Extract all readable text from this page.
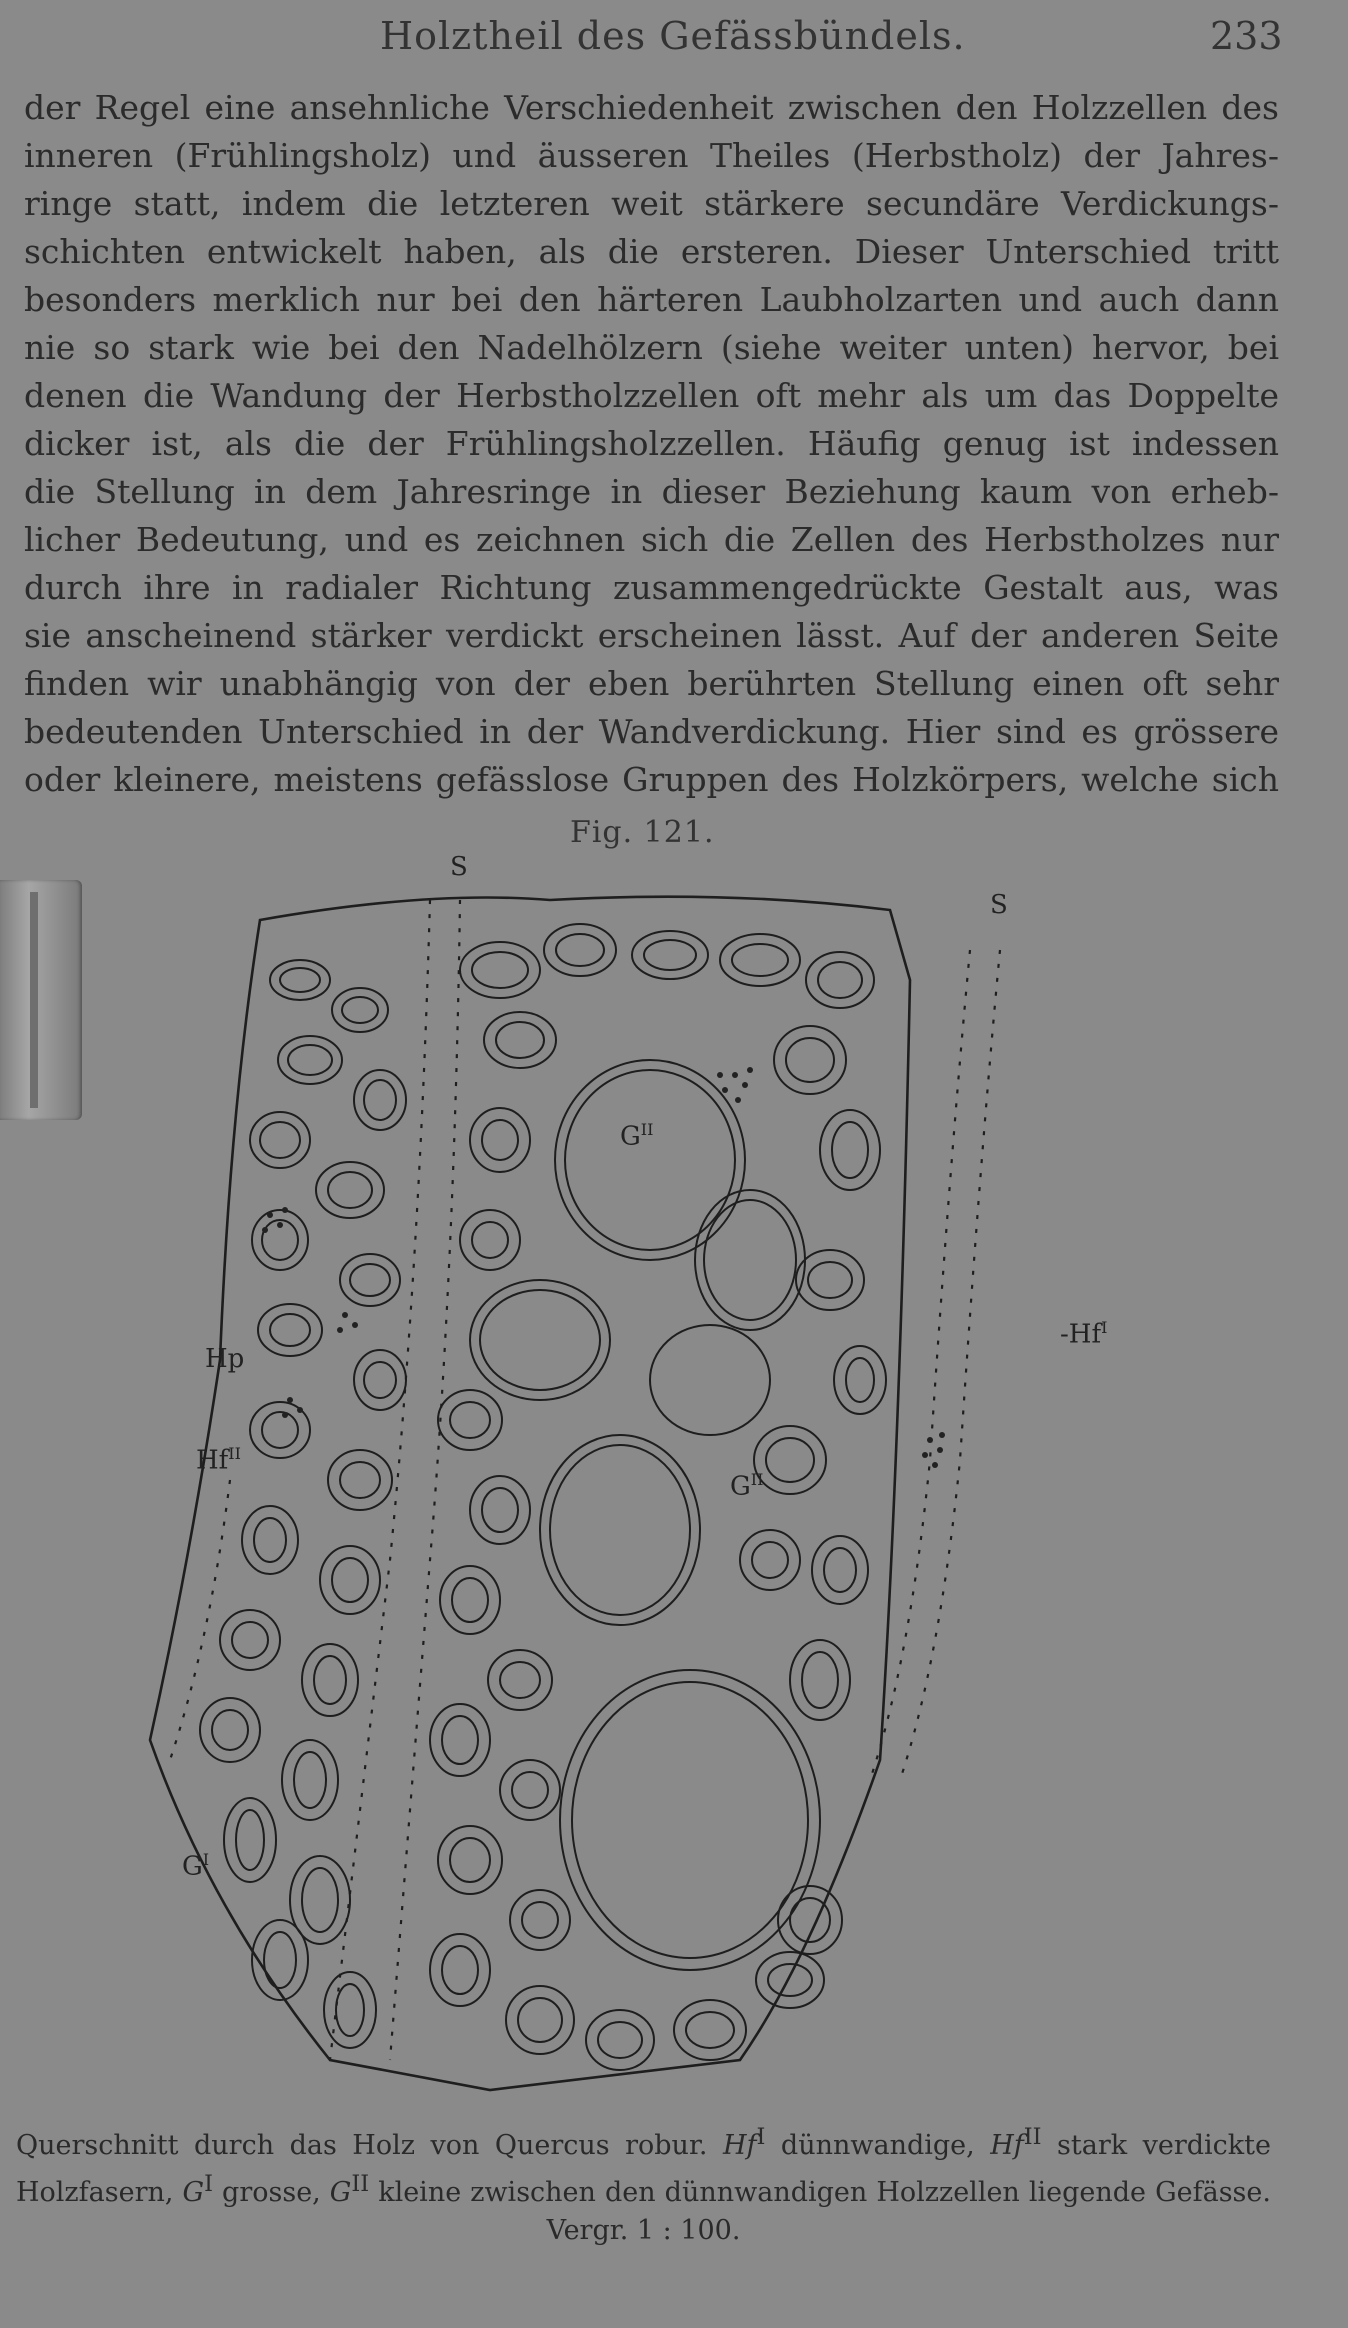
Holztheil des Gefässbündels.	233
der Regel eine ansehnliche Verschiedenheit zwischen den Holzzellen des
inneren (Frühlingsholz) und äusseren Theiles (Herbstholz) der Jahres-
ringe statt, indem die letzteren weit stärkere secundäre Verdickungs-
schichten entwickelt haben, als die ersteren. Dieser Unterschied tritt
besonders merklich nur bei den härteren Laubholzarten und auch dann
nie so stark wie bei den Nadelhölzern (siehe weiter unten) hervor, bei
denen die Wandung der Herbstholzzellen oft mehr als um das Doppelte
dicker ist, als die der Frühlingsholzzellen. Häufig genug ist indessen
die Stellung in dem Jahresringe in dieser Beziehung kaum von erheb-
licher Bedeutung, und es zeichnen sich die Zellen des Herbstholzes nur
durch ihre in radialer Richtung zusammengedrückte Gestalt aus, was
sie anscheinend stärker verdickt erscheinen lässt. Auf der anderen Seite
finden wir unabhängig von der eben berührten Stellung einen oft sehr
bedeutenden Unterschied in der Wandverdickung. Hier sind es grössere
oder kleinere, meistens gefässlose Gruppen des Holzkörpers, welche sich
Fig. 121.
S
S
$G^{II}$
$G^{II}$
Hp
$Hf^{II}$
$G^I$
$-Hf^I$
Querschnitt durch das Holz von Quercus robur. $Hf^I$ dünnwandige, $Hf^{II}$ stark verdickte
Holzfasern, $G^I$ grosse, $G^{II}$ kleine zwischen den dünnwandigen Holzzellen liegende Gefässe.
Vergr. 1 : 100.
